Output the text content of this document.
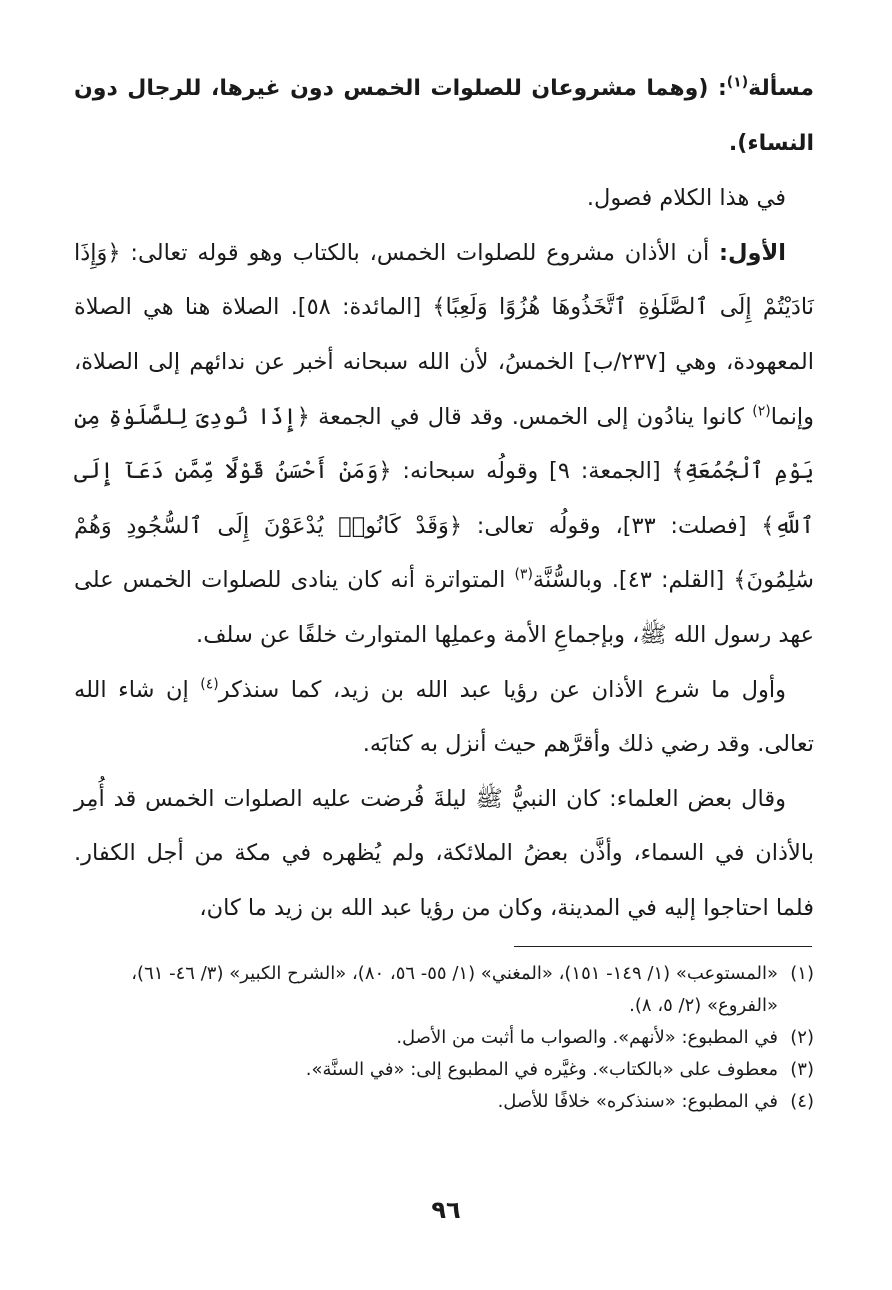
مسألة$^{(١)}$: (وهما مشروعان للصلوات الخمس دون غيرها، للرجال دون النساء).

في هذا الكلام فصول.

الأول: أن الأذان مشروع للصلوات الخمس، بالكتاب وهو قوله تعالى: ﴿وَإِذَا نَادَيْتُمْ إِلَى ٱلصَّلَوٰةِ ٱتَّخَذُوهَا هُزُوًا وَلَعِبًا﴾ [المائدة: ٥٨]. الصلاة هنا هي الصلاة المعهودة، وهي [٢٣٧/ب] الخمسُ، لأن الله سبحانه أخبر عن ندائهم إلى الصلاة، وإنما$^{(٢)}$ كانوا ينادُون إلى الخمس. وقد قال في الجمعة ﴿إِذَا نُودِىَ لِلصَّلَوٰةِ مِن يَوْمِ ٱلْجُمُعَةِ﴾ [الجمعة: ٩] وقولُه سبحانه: ﴿وَمَنْ أَحْسَنُ قَوْلًا مِّمَّن دَعَآ إِلَى ٱللَّهِ﴾ [فصلت: ٣٣]، وقولُه تعالى: ﴿وَقَدْ كَانُوا۟ يُدْعَوْنَ إِلَى ٱلسُّجُودِ وَهُمْ سَٰلِمُونَ﴾ [القلم: ٤٣]. وبالسُّنَّة$^{(٣)}$ المتواترة أنه كان ينادى للصلوات الخمس على عهد رسول الله ﷺ، وبإجماعِ الأمة وعملِها المتوارث خلفًا عن سلف.

وأول ما شرع الأذان عن رؤيا عبد الله بن زيد، كما سنذكر$^{(٤)}$ إن شاء الله تعالى. وقد رضي ذلك وأقرَّهم حيث أنزل به كتابَه.

وقال بعض العلماء: كان النبيُّ ﷺ ليلةَ فُرضت عليه الصلوات الخمس قد أُمِر بالأذان في السماء، وأذَّن بعضُ الملائكة، ولم يُظهره في مكة من أجل الكفار. فلما احتاجوا إليه في المدينة، وكان من رؤيا عبد الله بن زيد ما كان،

(١)
«المستوعب» (١/ ١٤٩- ١٥١)، «المغني» (١/ ٥٥- ٥٦، ٨٠)، «الشرح الكبير» (٣/ ٤٦- ٦١)، «الفروع» (٢/ ٥، ٨).
(٢)
في المطبوع: «لأنهم». والصواب ما أثبت من الأصل.
(٣)
معطوف على «بالكتاب». وغيَّره في المطبوع إلى: «في السنَّة».
(٤)
في المطبوع: «سنذكره» خلافًا للأصل.
٩٦
